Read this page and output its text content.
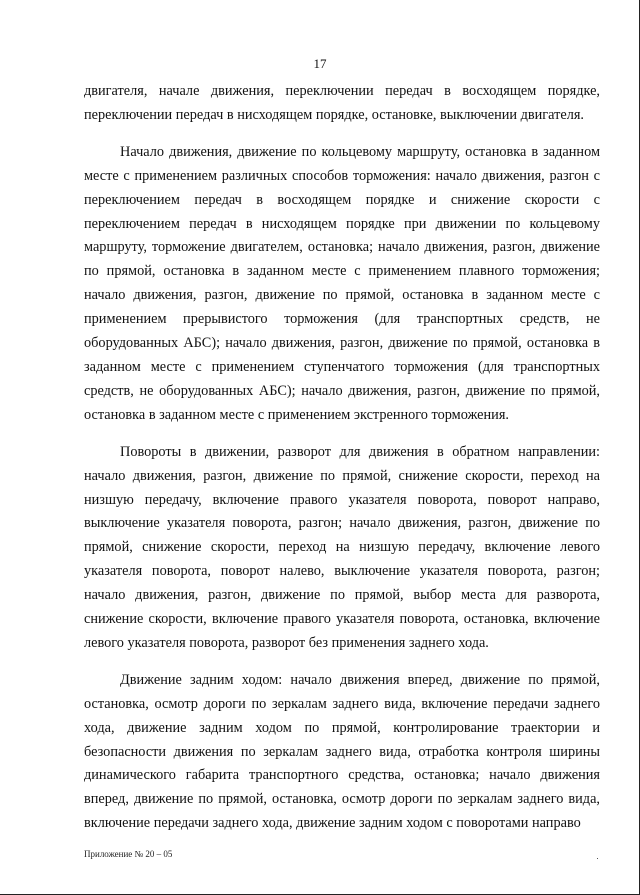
17

двигателя, начале движения, переключении передач в восходящем порядке, переключении передач в нисходящем порядке, остановке, выключении двигателя.

Начало движения, движение по кольцевому маршруту, остановка в заданном месте с применением различных способов торможения: начало движения, разгон с переключением передач в восходящем порядке и снижение скорости с переключением передач в нисходящем порядке при движении по кольцевому маршруту, торможение двигателем, остановка; начало движения, разгон, движение по прямой, остановка в заданном месте с применением плавного торможения; начало движения, разгон, движение по прямой, остановка в заданном месте с применением прерывистого торможения (для транспортных средств, не оборудованных АБС); начало движения, разгон, движение по прямой, остановка в заданном месте с применением ступенчатого торможения (для транспортных средств, не оборудованных АБС); начало движения, разгон, движение по прямой, остановка в заданном месте с применением экстренного торможения.

Повороты в движении, разворот для движения в обратном направлении: начало движения, разгон, движение по прямой, снижение скорости, переход на низшую передачу, включение правого указателя поворота, поворот направо, выключение указателя поворота, разгон; начало движения, разгон, движение по прямой, снижение скорости, переход на низшую передачу, включение левого указателя поворота, поворот налево, выключение указателя поворота, разгон; начало движения, разгон, движение по прямой, выбор места для разворота, снижение скорости, включение правого указателя поворота, остановка, включение левого указателя поворота, разворот без применения заднего хода.

Движение задним ходом: начало движения вперед, движение по прямой, остановка, осмотр дороги по зеркалам заднего вида, включение передачи заднего хода, движение задним ходом по прямой, контролирование траектории и безопасности движения по зеркалам заднего вида, отработка контроля ширины динамического габарита транспортного средства, остановка; начало движения вперед, движение по прямой, остановка, осмотр дороги по зеркалам заднего вида, включение передачи заднего хода, движение задним ходом с поворотами направо

Приложение № 20 – 05
